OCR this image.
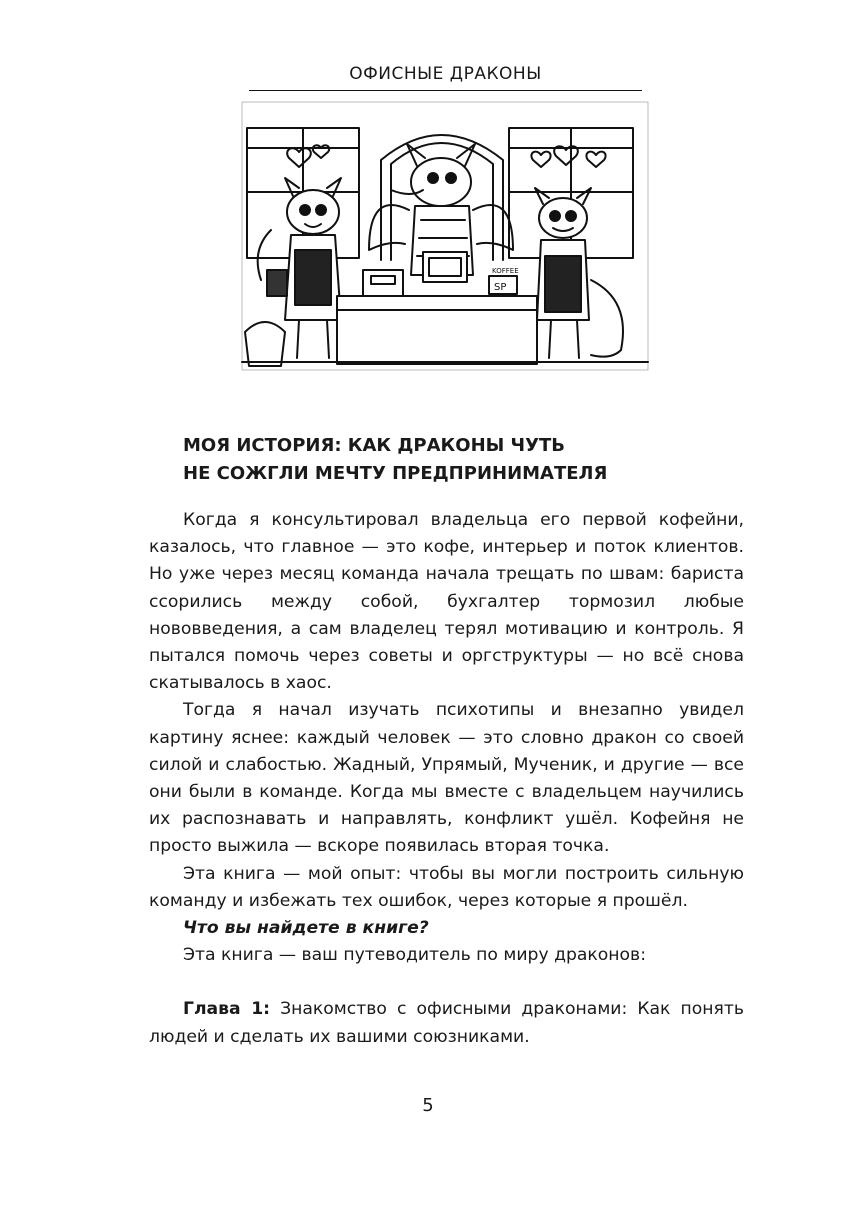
ОФИСНЫЕ ДРАКОНЫ
KOFFEE
SP
МОЯ ИСТОРИЯ: КАК ДРАКОНЫ ЧУТЬ
НЕ СОЖГЛИ МЕЧТУ ПРЕДПРИНИМАТЕЛЯ

Когда я консультировал владельца его первой кофейни, казалось, что главное — это кофе, интерьер и поток клиентов. Но уже через месяц команда начала трещать по швам: бариста ссорились между собой, бухгалтер тормозил любые нововведения, а сам владелец терял мотивацию и контроль. Я пытался помочь через советы и оргструктуры — но всё снова скатывалось в хаос.

Тогда я начал изучать психотипы и внезапно увидел картину яснее: каждый человек — это словно дракон со своей силой и слабостью. Жадный, Упрямый, Мученик, и другие — все они были в команде. Когда мы вместе с владельцем научились их распознавать и направлять, конфликт ушёл. Кофейня не просто выжила — вскоре появилась вторая точка.

Эта книга — мой опыт: чтобы вы могли построить сильную команду и избежать тех ошибок, через которые я прошёл.

Что вы найдете в книге?

Эта книга — ваш путеводитель по миру драконов:

Глава 1: Знакомство с офисными драконами: Как понять людей и сделать их вашими союзниками.

5
